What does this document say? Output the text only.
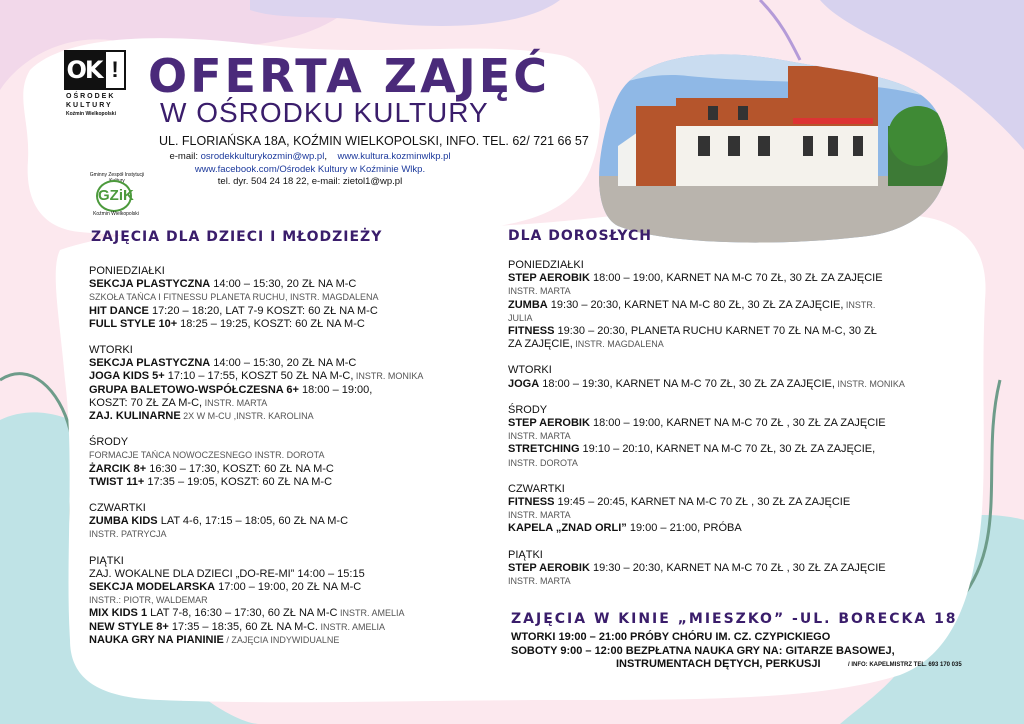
OK !
OŚRODEK
KULTURY
Koźmin Wielkopolski
OFERTA ZAJĘĆ
W OŚRODKU KULTURY
UL. FLORIAŃSKA 18A, KOŹMIN WIELKOPOLSKI, INFO. TEL. 62/ 721 66 57
e-mail: osrodekkulturykozmin@wp.pl,    www.kultura.kozminwlkp.pl
www.facebook.com/Ośrodek Kultury w Koźminie Wlkp.
tel. dyr. 504 24 18 22, e-mail: zietol1@wp.pl
Gminny Zespół Instytucji Kultury
GZiK
Koźmin Wielkopolski
ZAJĘCIA DLA DZIECI I MŁODZIEŻY
PONIEDZIAŁKI
SEKCJA PLASTYCZNA 14:00 – 15:30, 20 ZŁ NA M-C
SZKOŁA TAŃCA I FITNESSU PLANETA RUCHU, INSTR. MAGDALENA
HIT DANCE 17:20 – 18:20, LAT 7-9 KOSZT: 60 ZŁ NA M-C
FULL STYLE 10+ 18:25 – 19:25, KOSZT: 60 ZŁ NA M-C
WTORKI
SEKCJA PLASTYCZNA 14:00 – 15:30, 20 ZŁ NA M-C
JOGA KIDS 5+ 17:10 – 17:55, KOSZT 50 ZŁ NA M-C, INSTR. MONIKA
GRUPA BALETOWO-WSPÓŁCZESNA 6+ 18:00 – 19:00,
KOSZT: 70 ZŁ ZA M-C, INSTR. MARTA
ZAJ. KULINARNE 2X W M-CU ,INSTR. KAROLINA
ŚRODY
FORMACJE TAŃCA NOWOCZESNEGO INSTR. DOROTA
ŻARCIK 8+ 16:30 – 17:30, KOSZT: 60 ZŁ NA M-C
TWIST 11+ 17:35 – 19:05, KOSZT: 60 ZŁ NA M-C
CZWARTKI
ZUMBA KIDS LAT 4-6, 17:15 – 18:05, 60 ZŁ NA M-C
INSTR. PATRYCJA
PIĄTKI
ZAJ. WOKALNE DLA DZIECI „DO-RE-MI” 14:00 – 15:15
SEKCJA MODELARSKA 17:00 – 19:00, 20 ZŁ NA M-C
INSTR.: PIOTR, WALDEMAR
MIX KIDS 1 LAT 7-8, 16:30 – 17:30, 60 ZŁ NA M-C INSTR. AMELIA
NEW STYLE 8+ 17:35 – 18:35, 60 ZŁ NA M-C. INSTR. AMELIA
NAUKA GRY NA PIANINIE / ZAJĘCIA INDYWIDUALNE
DLA DOROSŁYCH
PONIEDZIAŁKI
STEP AEROBIK 18:00 – 19:00, KARNET NA M-C 70 ZŁ, 30 ZŁ ZA ZAJĘCIE
INSTR. MARTA
ZUMBA 19:30 – 20:30, KARNET NA M-C 80 ZŁ, 30 ZŁ ZA ZAJĘCIE, INSTR.
JULIA
FITNESS 19:30 – 20:30, PLANETA RUCHU KARNET 70 ZŁ NA M-C, 30 ZŁ
ZA ZAJĘCIE, INSTR. MAGDALENA
WTORKI
JOGA 18:00 – 19:30, KARNET NA M-C 70 ZŁ, 30 ZŁ ZA ZAJĘCIE, INSTR. MONIKA
ŚRODY
STEP AEROBIK 18:00 – 19:00, KARNET NA M-C 70 ZŁ , 30 ZŁ ZA ZAJĘCIE
INSTR. MARTA
STRETCHING 19:10 – 20:10, KARNET NA M-C 70 ZŁ, 30 ZŁ ZA ZAJĘCIE,
INSTR. DOROTA
CZWARTKI
FITNESS 19:45 – 20:45, KARNET NA M-C 70 ZŁ , 30 ZŁ ZA ZAJĘCIE
INSTR. MARTA
KAPELA „ZNAD ORLI” 19:00 – 21:00, PRÓBA
PIĄTKI
STEP AEROBIK 19:30 – 20:30, KARNET NA M-C 70 ZŁ , 30 ZŁ ZA ZAJĘCIE
INSTR. MARTA
ZAJĘCIA W KINIE „MIESZKO” -UL. BORECKA 18
WTORKI 19:00 – 21:00 PRÓBY CHÓRU IM. CZ. CZYPICKIEGO
SOBOTY 9:00 – 12:00 BEZPŁATNA NAUKA GRY NA: GITARZE BASOWEJ,
INSTRUMENTACH DĘTYCH, PERKUSJI	/ INFO: KAPELMISTRZ TEL. 693 170 035
